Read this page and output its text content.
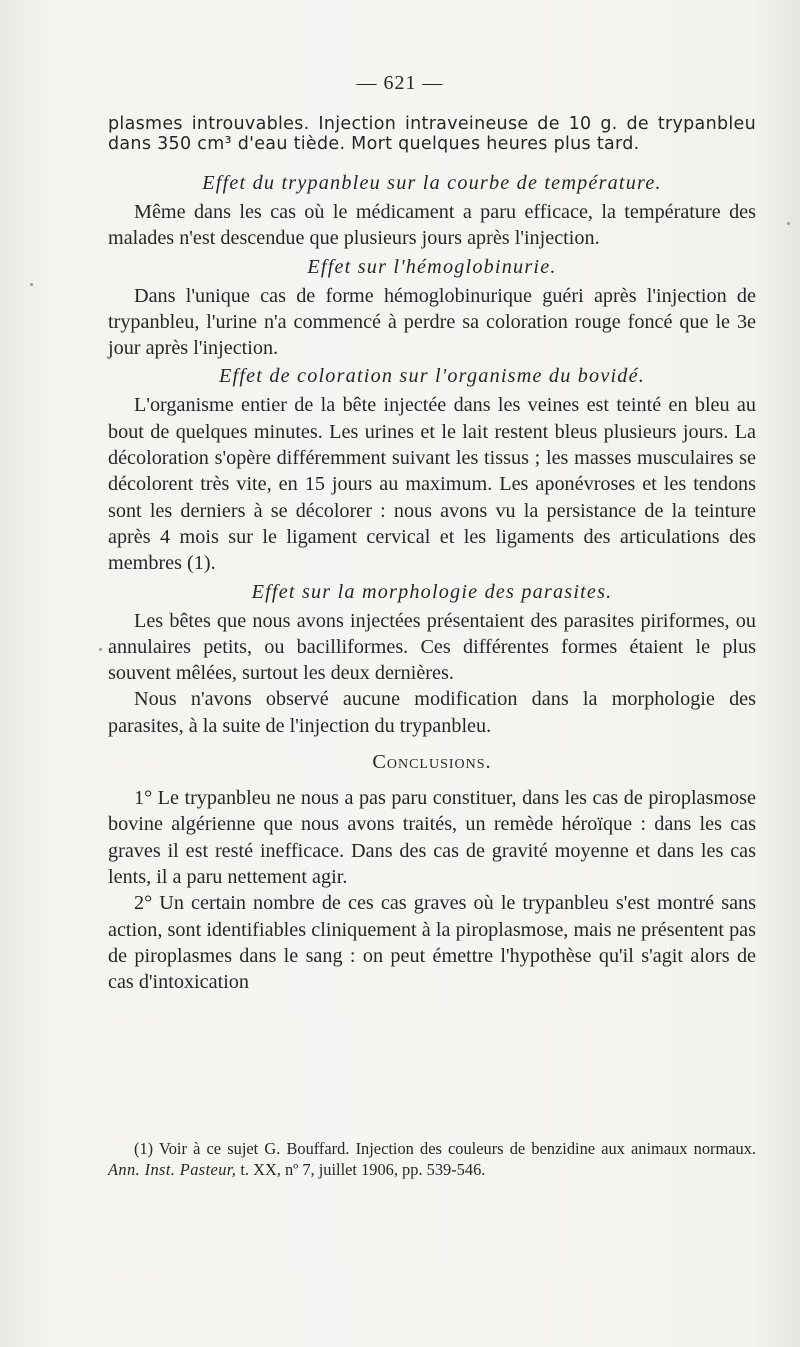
— 621 —

plasmes introuvables. Injection intraveineuse de 10 g. de trypanbleu dans 350 cm³ d'eau tiède. Mort quelques heures plus tard.

Effet du trypanbleu sur la courbe de température.

Même dans les cas où le médicament a paru efficace, la température des malades n'est descendue que plusieurs jours après l'injection.

Effet sur l'hémoglobinurie.

Dans l'unique cas de forme hémoglobinurique guéri après l'injection de trypanbleu, l'urine n'a commencé à perdre sa coloration rouge foncé que le 3e jour après l'injection.

Effet de coloration sur l'organisme du bovidé.

L'organisme entier de la bête injectée dans les veines est teinté en bleu au bout de quelques minutes. Les urines et le lait restent bleus plusieurs jours. La décoloration s'opère différemment suivant les tissus ; les masses musculaires se décolorent très vite, en 15 jours au maximum. Les aponévroses et les tendons sont les derniers à se décolorer : nous avons vu la persistance de la teinture après 4 mois sur le ligament cervical et les ligaments des articulations des membres (1).

Effet sur la morphologie des parasites.

Les bêtes que nous avons injectées présentaient des parasites piriformes, ou annulaires petits, ou bacilliformes. Ces différentes formes étaient le plus souvent mêlées, surtout les deux dernières.

Nous n'avons observé aucune modification dans la morphologie des parasites, à la suite de l'injection du trypanbleu.

Conclusions.

1° Le trypanbleu ne nous a pas paru constituer, dans les cas de piroplasmose bovine algérienne que nous avons traités, un remède héroïque : dans les cas graves il est resté inefficace. Dans des cas de gravité moyenne et dans les cas lents, il a paru nettement agir.

2° Un certain nombre de ces cas graves où le trypanbleu s'est montré sans action, sont identifiables cliniquement à la piroplasmose, mais ne présentent pas de piroplasmes dans le sang : on peut émettre l'hypothèse qu'il s'agit alors de cas d'intoxication

(1) Voir à ce sujet G. Bouffard. Injection des couleurs de benzidine aux animaux normaux. Ann. Inst. Pasteur, t. XX, nº 7, juillet 1906, pp. 539-546.
